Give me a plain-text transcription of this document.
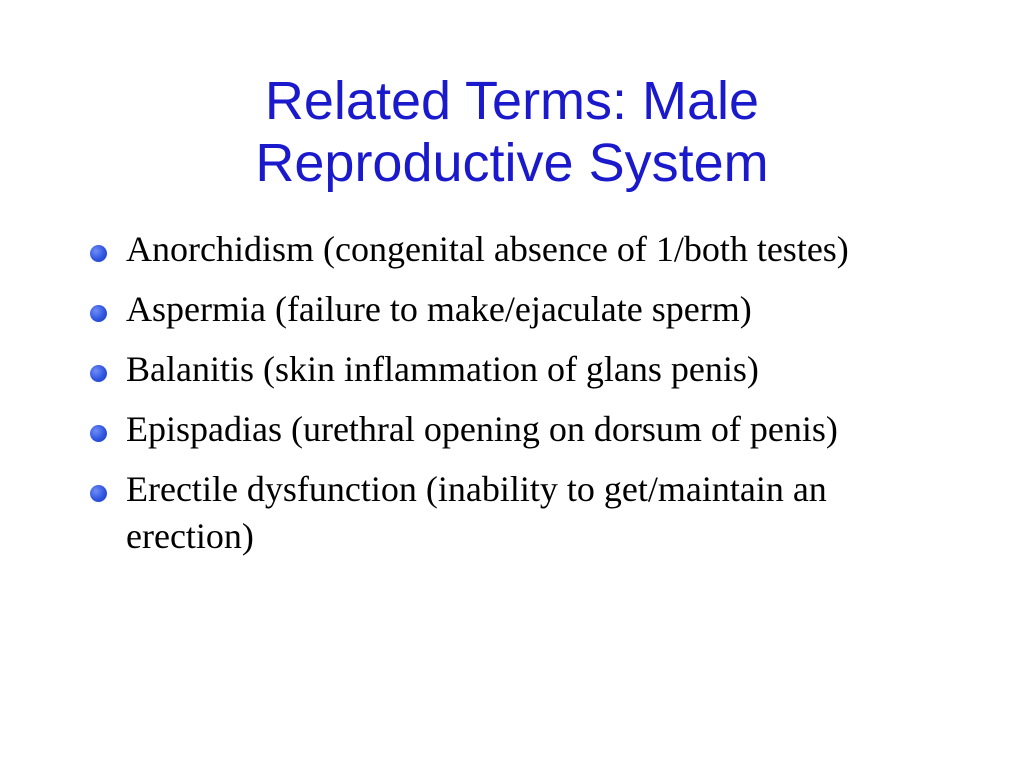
Related Terms: Male
Reproductive System
Anorchidism (congenital absence of 1/both testes)
Aspermia (failure to make/ejaculate sperm)
Balanitis (skin inflammation of glans penis)
Epispadias (urethral opening on dorsum of penis)
Erectile dysfunction (inability to get/maintain an erection)
